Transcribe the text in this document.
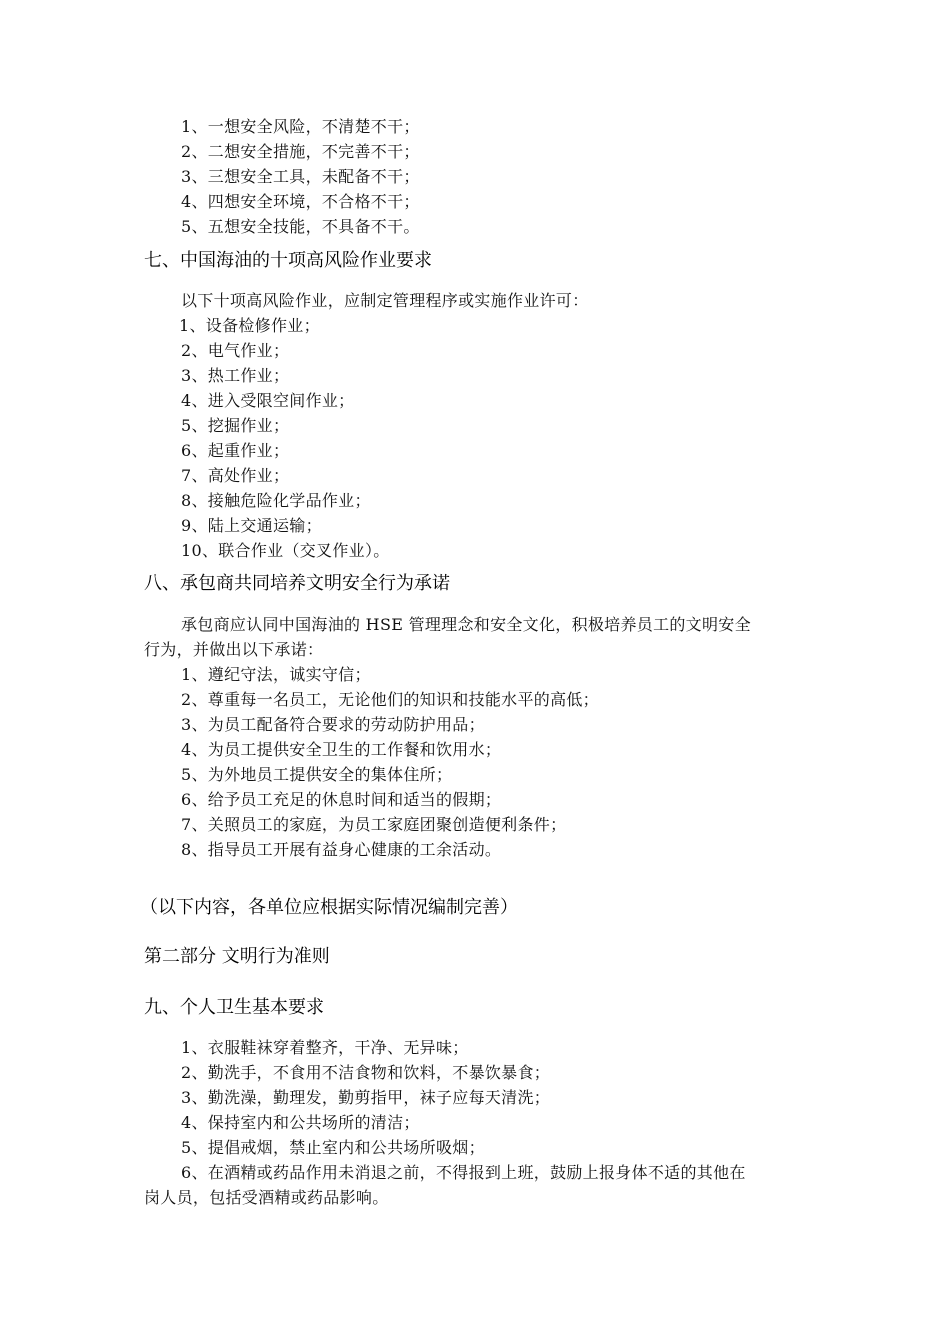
1、一想安全风险，不清楚不干；
2、二想安全措施，不完善不干；
3、三想安全工具，未配备不干；
4、四想安全环境，不合格不干；
5、五想安全技能，不具备不干。
七、中国海油的十项高风险作业要求
以下十项高风险作业，应制定管理程序或实施作业许可：
1、设备检修作业；
2、电气作业；
3、热工作业；
4、进入受限空间作业；
5、挖掘作业；
6、起重作业；
7、高处作业；
8、接触危险化学品作业；
9、陆上交通运输；
10、联合作业（交叉作业）。
八、承包商共同培养文明安全行为承诺
承包商应认同中国海油的 HSE 管理理念和安全文化，积极培养员工的文明安全
行为，并做出以下承诺：
1、遵纪守法，诚实守信；
2、尊重每一名员工，无论他们的知识和技能水平的高低；
3、为员工配备符合要求的劳动防护用品；
4、为员工提供安全卫生的工作餐和饮用水；
5、为外地员工提供安全的集体住所；
6、给予员工充足的休息时间和适当的假期；
7、关照员工的家庭，为员工家庭团聚创造便利条件；
8、指导员工开展有益身心健康的工余活动。
（以下内容，各单位应根据实际情况编制完善）
第二部分 文明行为准则
九、个人卫生基本要求
1、衣服鞋袜穿着整齐，干净、无异味；
2、勤洗手，不食用不洁食物和饮料，不暴饮暴食；
3、勤洗澡，勤理发，勤剪指甲，袜子应每天清洗；
4、保持室内和公共场所的清洁；
5、提倡戒烟，禁止室内和公共场所吸烟；
6、在酒精或药品作用未消退之前，不得报到上班，鼓励上报身体不适的其他在
岗人员，包括受酒精或药品影响。
